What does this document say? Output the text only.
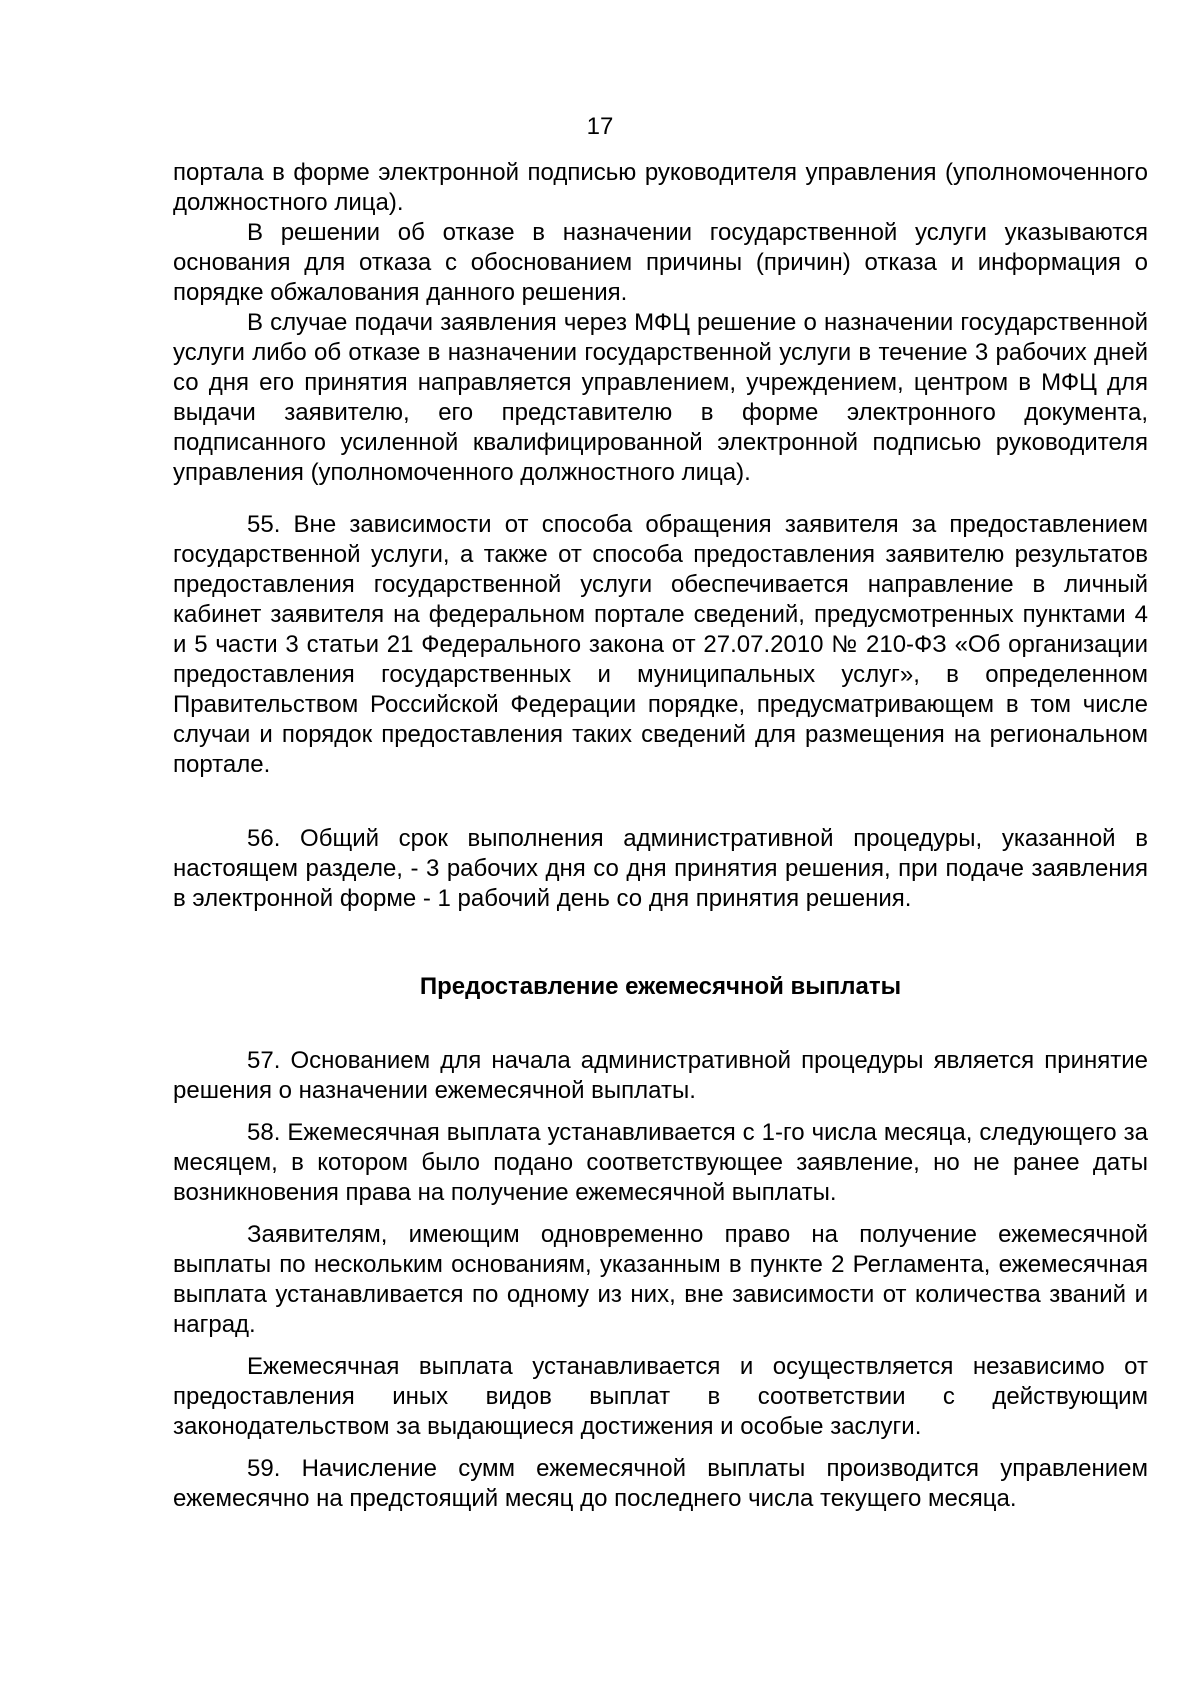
17

портала в форме электронной подписью руководителя управления (уполномоченного должностного лица).

В решении об отказе в назначении государственной услуги указываются основания для отказа с обоснованием причины (причин) отказа и информация о порядке обжалования данного решения.

В случае подачи заявления через МФЦ решение о назначении государственной услуги либо об отказе в назначении государственной услуги в течение 3 рабочих дней со дня его принятия направляется управлением, учреждением, центром в МФЦ для выдачи заявителю, его представителю в форме электронного документа, подписанного усиленной квалифицированной электронной подписью руководителя управления (уполномоченного должностного лица).

55. Вне зависимости от способа обращения заявителя за предоставлением государственной услуги, а также от способа предоставления заявителю результатов предоставления государственной услуги обеспечивается направление в личный кабинет заявителя на федеральном портале сведений, предусмотренных пунктами 4 и 5 части 3 статьи 21 Федерального закона от 27.07.2010 № 210-ФЗ «Об организации предоставления государственных и муниципальных услуг», в определенном Правительством Российской Федерации порядке, предусматривающем в том числе случаи и порядок предоставления таких сведений для размещения на региональном портале.

56. Общий срок выполнения административной процедуры, указанной в настоящем разделе, - 3 рабочих дня со дня принятия решения, при подаче заявления в электронной форме - 1 рабочий день со дня принятия решения.

Предоставление ежемесячной выплаты

57. Основанием для начала административной процедуры является принятие решения о назначении ежемесячной выплаты.

58. Ежемесячная выплата устанавливается с 1-го числа месяца, следующего за месяцем, в котором было подано соответствующее заявление, но не ранее даты возникновения права на получение ежемесячной выплаты.

Заявителям, имеющим одновременно право на получение ежемесячной выплаты по нескольким основаниям, указанным в пункте 2 Регламента, ежемесячная выплата устанавливается по одному из них, вне зависимости от количества званий и наград.

Ежемесячная выплата устанавливается и осуществляется независимо от предоставления иных видов выплат в соответствии с действующим законодательством за выдающиеся достижения и особые заслуги.

59. Начисление сумм ежемесячной выплаты производится управлением ежемесячно на предстоящий месяц до последнего числа текущего месяца.
